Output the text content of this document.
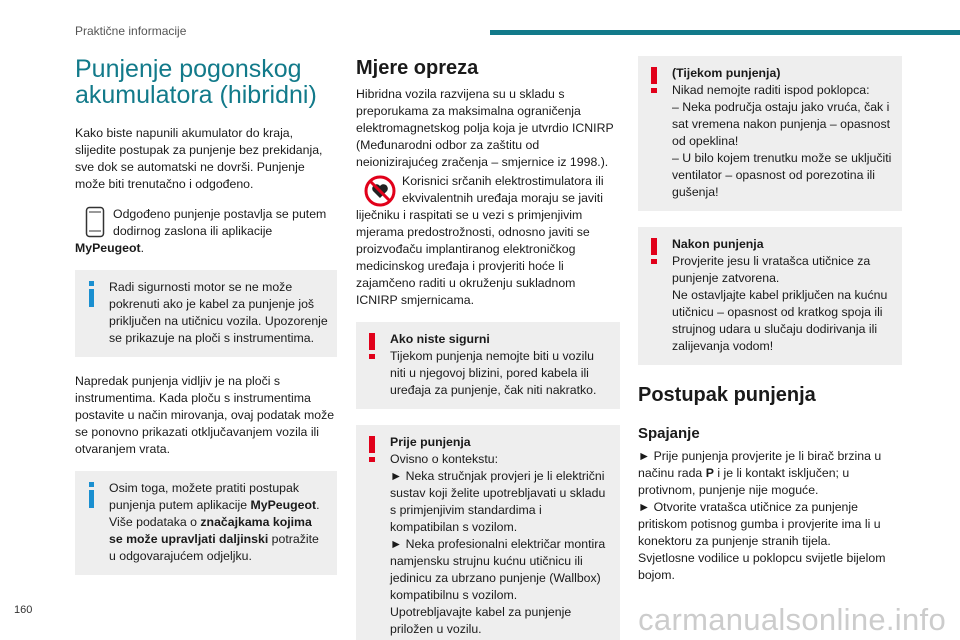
Praktične informacije
Punjenje pogonskog akumulatora (hibridni)

Kako biste napunili akumulator do kraja, slijedite postupak za punjenje bez prekidanja, sve dok se automatski ne dovrši. Punjenje može biti trenutačno i odgođeno.

Odgođeno punjenje postavlja se putem dodirnog zaslona ili aplikacije
MyPeugeot.

Radi sigurnosti motor se ne može pokrenuti ako je kabel za punjenje još priključen na utičnicu vozila. Upozorenje se prikazuje na ploči s instrumentima.

Napredak punjenja vidljiv je na ploči s instrumentima. Kada ploču s instrumentima postavite u način mirovanja, ovaj podatak može se ponovno prikazati otključavanjem vozila ili otvaranjem vrata.

Osim toga, možete pratiti postupak punjenja putem aplikacije MyPeugeot. Više podataka o značajkama kojima se može upravljati daljinski potražite u odgovarajućem odjeljku.
Mjere opreza

Hibridna vozila razvijena su u skladu s preporukama za maksimalna ograničenja elektromagnetskog polja koja je utvrdio ICNIRP (Međunarodni odbor za zaštitu od neionizirajućeg zračenja – smjernice iz 1998.).

Korisnici srčanih elektrostimulatora ili ekvivalentnih uređaja moraju se javiti liječniku i raspitati se u vezi s primjenjivim mjerama predostrožnosti, odnosno javiti se proizvođaču implantiranog elektroničkog medicinskog uređaja i provjeriti hoće li zajamčeno raditi u okruženju sukladnom ICNIRP smjernicama.

Ako niste sigurni
Tijekom punjenja nemojte biti u vozilu niti u njegovoj blizini, pored kabela ili uređaja za punjenje, čak niti nakratko.
Prije punjenja
Ovisno o kontekstu:
► Neka stručnjak provjeri je li električni sustav koji želite upotrebljavati u skladu s primjenjivim standardima i kompatibilan s vozilom.
► Neka profesionalni električar montira namjensku strujnu kućnu utičnicu ili jedinicu za ubrzano punjenje (Wallbox) kompatibilnu s vozilom.
Upotrebljavajte kabel za punjenje priložen u vozilu.
(Tijekom punjenja)
Nikad nemojte raditi ispod poklopca:
– Neka područja ostaju jako vruća, čak i sat vremena nakon punjenja – opasnost od opeklina!
– U bilo kojem trenutku može se uključiti ventilator – opasnost od porezotina ili gušenja!
Nakon punjenja
Provjerite jesu li vratašca utičnice za punjenje zatvorena.
Ne ostavljajte kabel priključen na kućnu utičnicu – opasnost od kratkog spoja ili strujnog udara u slučaju dodirivanja ili zalijevanja vodom!
Postupak punjenja
Spajanje
► Prije punjenja provjerite je li birač brzina u načinu rada P i je li kontakt isključen; u protivnom, punjenje nije moguće.
► Otvorite vratašca utičnice za punjenje pritiskom potisnog gumba i provjerite ima li u konektoru za punjenje stranih tijela.
Svjetlosne vodilice u poklopcu svijetle bijelom bojom.
160	carmanualsonline.info
